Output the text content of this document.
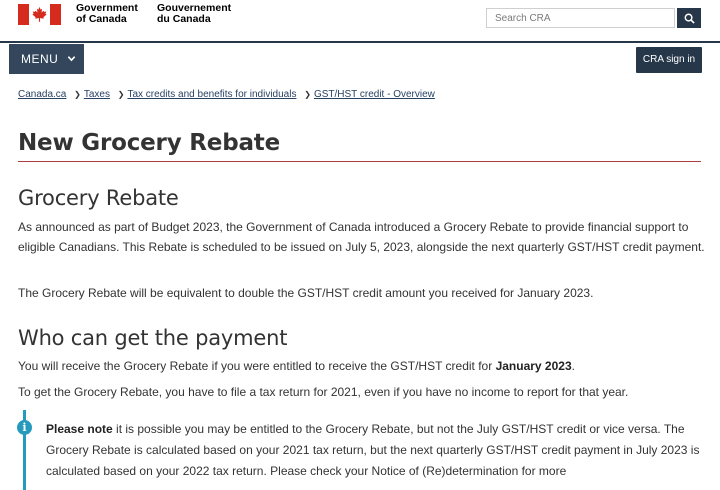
Government
of Canada
Gouvernement
du Canada	Search CRA
MENU	CRA sign in
Canada.ca ❯ Taxes ❯ Tax credits and benefits for individuals ❯ GST/HST credit - Overview
New Grocery Rebate
Grocery Rebate
As announced as part of Budget 2023, the Government of Canada introduced a Grocery Rebate to provide financial support to eligible Canadians. This Rebate is scheduled to be issued on July 5, 2023, alongside the next quarterly GST/HST credit payment.
The Grocery Rebate will be equivalent to double the GST/HST credit amount you received for January 2023.
Who can get the payment
You will receive the Grocery Rebate if you were entitled to receive the GST/HST credit for January 2023.
To get the Grocery Rebate, you have to file a tax return for 2021, even if you have no income to report for that year.
i	Please note it is possible you may be entitled to the Grocery Rebate, but not the July GST/HST credit or vice versa. The Grocery Rebate is calculated based on your 2021 tax return, but the next quarterly GST/HST credit payment in July 2023 is calculated based on your 2022 tax return. Please check your Notice of (Re)determination for more
